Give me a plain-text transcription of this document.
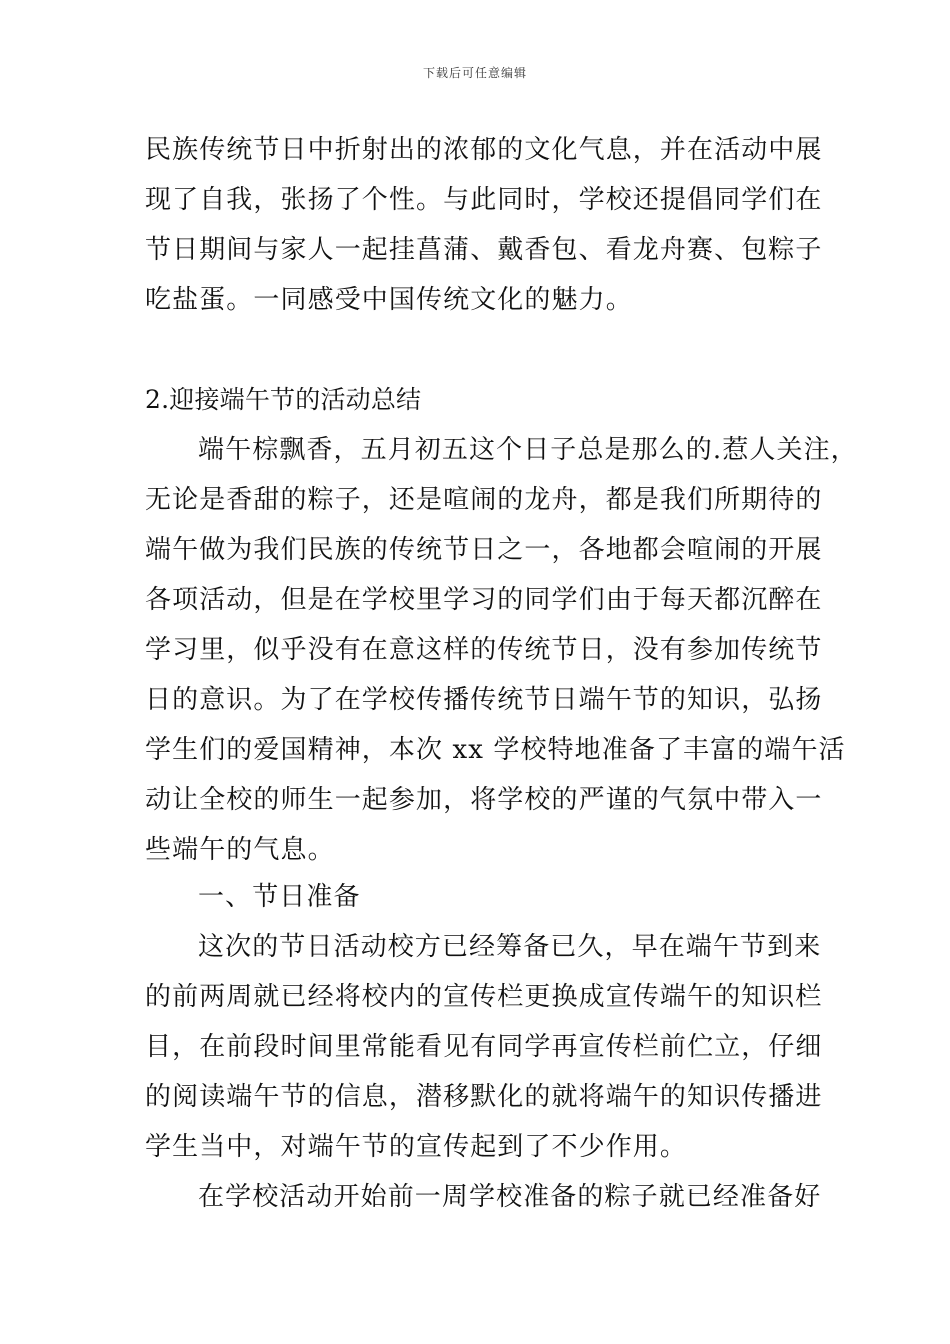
下载后可任意编辑
民族传统节日中折射出的浓郁的文化气息，并在活动中展
现了自我，张扬了个性。与此同时，学校还提倡同学们在
节日期间与家人一起挂菖蒲、戴香包、看龙舟赛、包粽子
吃盐蛋。一同感受中国传统文化的魅力。
2.迎接端午节的活动总结
端午棕飘香，五月初五这个日子总是那么的.惹人关注，
无论是香甜的粽子，还是喧闹的龙舟，都是我们所期待的
端午做为我们民族的传统节日之一，各地都会喧闹的开展
各项活动，但是在学校里学习的同学们由于每天都沉醉在
学习里，似乎没有在意这样的传统节日，没有参加传统节
日的意识。为了在学校传播传统节日端午节的知识，弘扬
学生们的爱国精神，本次 xx 学校特地准备了丰富的端午活
动让全校的师生一起参加，将学校的严谨的气氛中带入一
些端午的气息。
一、节日准备
这次的节日活动校方已经筹备已久，早在端午节到来
的前两周就已经将校内的宣传栏更换成宣传端午的知识栏
目，在前段时间里常能看见有同学再宣传栏前伫立，仔细
的阅读端午节的信息，潜移默化的就将端午的知识传播进
学生当中，对端午节的宣传起到了不少作用。
在学校活动开始前一周学校准备的粽子就已经准备好
